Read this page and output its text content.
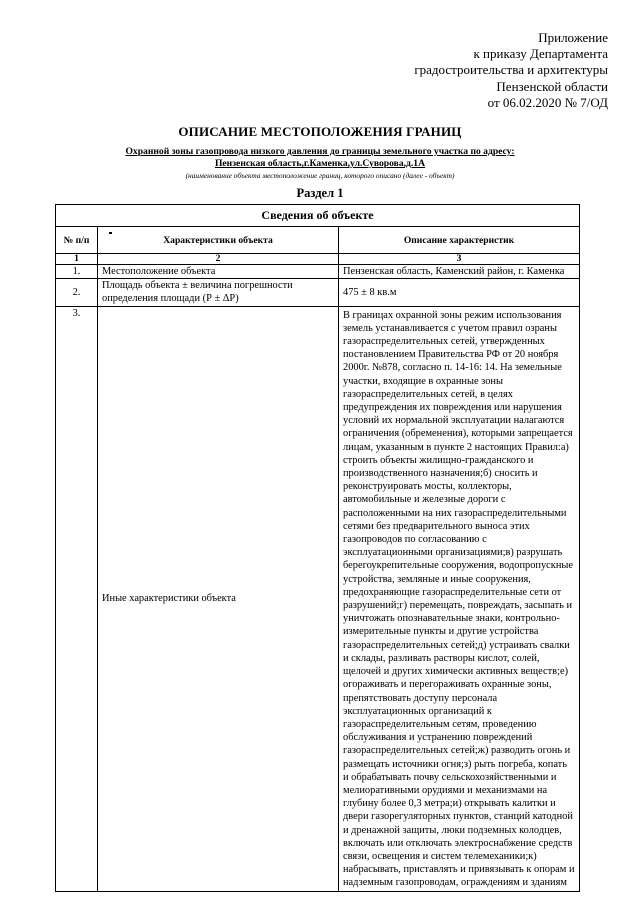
Приложение
к приказу Департамента
градостроительства и архитектуры
Пензенской области
от 06.02.2020 № 7/ОД
ОПИСАНИЕ МЕСТОПОЛОЖЕНИЯ ГРАНИЦ
Охранной зоны газопровода низкого давления до границы земельного участка по адресу:
Пензенская область,г.Каменка,ул.Суворова,д.1А
(наименование объекта местоположение границ, которого описано (далее - объект)
Раздел 1
Сведения об объекте		
№ п/п	Характеристики объекта	Описание характеристик
1	2	3
1.	Местоположение объекта	Пензенская область, Каменский район, г. Каменка
2.	Площадь объекта ± величина погрешности определения площади (Р ± ΔР)	475 ± 8 кв.м
3.	Иные характеристики объекта	В границах охранной зоны режим использования земель устанавливается с учетом правил озраны газораспределительных сетей, утвержденных постановлением Правительства РФ от 20 ноября 2000г. №878, согласно п. 14-16: 14. На земельные участки, входящие в охранные зоны газораспределительных сетей, в целях предупреждения их повреждения или нарушения условий их нормальной эксплуатации налагаются ограничения (обременения), которыми запрещается лицам, указанным в пункте 2 настоящих Правил:а) строить объекты жилищно-гражданского и производственного назначения;б) сносить и реконструировать мосты, коллекторы, автомобильные и железные дороги с расположенными на них газораспределительными сетями без предварительного выноса этих газопроводов по согласованию с эксплуатационными организациями;в) разрушать берегоукрепительные сооружения, водопропускные устройства, земляные и иные сооружения, предохраняющие газораспределительные сети от разрушений;г) перемещать, повреждать, засыпать и уничтожать опознавательные знаки, контрольно-измерительные пункты и другие устройства газораспределительных сетей;д) устраивать свалки и склады, разливать растворы кислот, солей, щелочей и других химически активных веществ;е) огораживать и перегораживать охранные зоны, препятствовать доступу персонала эксплуатационных организаций к газораспределительным сетям, проведению обслуживания и устранению повреждений газораспределительных сетей;ж) разводить огонь и размещать источники огня;з) рыть погреба, копать и обрабатывать почву сельскохозяйственными и мелиоративными орудиями и механизмами на глубину более 0,3 метра;и) открывать калитки и двери газорегуляторных пунктов, станций катодной и дренажной защиты, люки подземных колодцев, включать или отключать электроснабжение средств связи, освещения и систем телемеханики;к) набрасывать, приставлять и привязывать к опорам и надземным газопроводам, ограждениям и зданиям
